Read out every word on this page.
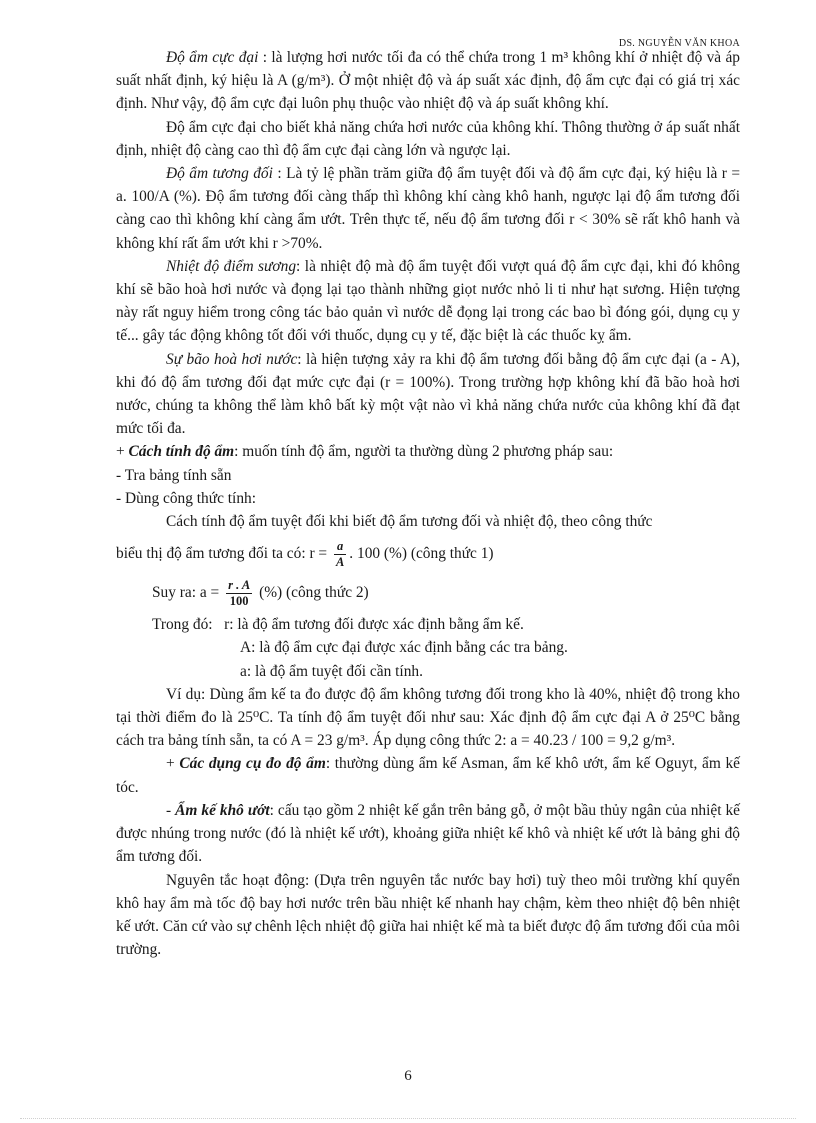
DS. NGUYỄN VĂN KHOA

Độ ẩm cực đại : là lượng hơi nước tối đa có thể chứa trong 1 m³ không khí ở nhiệt độ và áp suất nhất định, ký hiệu là A (g/m³). Ở một nhiệt độ và áp suất xác định, độ ẩm cực đại có giá trị xác định. Như vậy, độ ẩm cực đại luôn phụ thuộc vào nhiệt độ và áp suất không khí.

Độ ẩm cực đại cho biết khả năng chứa hơi nước của không khí. Thông thường ở áp suất nhất định, nhiệt độ càng cao thì độ ẩm cực đại càng lớn và ngược lại.

Độ ẩm tương đối : Là tỷ lệ phần trăm giữa độ ẩm tuyệt đối và độ ẩm cực đại, ký hiệu là r = a. 100/A (%). Độ ẩm tương đối càng thấp thì không khí càng khô hanh, ngược lại độ ẩm tương đối càng cao thì không khí càng ẩm ướt. Trên thực tế, nếu độ ẩm tương đối r < 30% sẽ rất khô hanh và không khí rất ẩm ướt khi r >70%.

Nhiệt độ điểm sương: là nhiệt độ mà độ ẩm tuyệt đối vượt quá độ ẩm cực đại, khi đó không khí sẽ bão hoà hơi nước và đọng lại tạo thành những giọt nước nhỏ li ti như hạt sương. Hiện tượng này rất nguy hiểm trong công tác bảo quản vì nước dễ đọng lại trong các bao bì đóng gói, dụng cụ y tế... gây tác động không tốt đối với thuốc, dụng cụ y tế, đặc biệt là các thuốc kỵ ẩm.

Sự bão hoà hơi nước: là hiện tượng xảy ra khi độ ẩm tương đối bằng độ ẩm cực đại (a - A), khi đó độ ẩm tương đối đạt mức cực đại (r = 100%). Trong trường hợp không khí đã bão hoà hơi nước, chúng ta không thể làm khô bất kỳ một vật nào vì khả năng chứa nước của không khí đã đạt mức tối đa.

+ Cách tính độ ẩm: muốn tính độ ẩm, người ta thường dùng 2 phương pháp sau:

- Tra bảng tính sẵn

- Dùng công thức tính:

Cách tính độ ẩm tuyệt đối khi biết độ ẩm tương đối và nhiệt độ, theo công thức

biểu thị độ ẩm tương đối ta có: $r = \frac{a}{A}$ . 100 (%) (công thức 1)

Suy ra: $a = \frac{r . A}{100}$ (%) (công thức 2)

Trong đó: r: là độ ẩm tương đối được xác định bằng ẩm kế.

A: là độ ẩm cực đại được xác định bằng các tra bảng.

a: là độ ẩm tuyệt đối cần tính.

Ví dụ: Dùng ẩm kế ta đo được độ ẩm không tương đối trong kho là 40%, nhiệt độ trong kho tại thời điểm đo là 25⁰C. Ta tính độ ẩm tuyệt đối như sau: Xác định độ ẩm cực đại A ở 25⁰C bằng cách tra bảng tính sẵn, ta có A = 23 g/m³. Áp dụng công thức 2: a = 40.23 / 100 = 9,2 g/m³.

+ Các dụng cụ đo độ ẩm: thường dùng ẩm kế Asman, ẩm kế khô ướt, ẩm kế Oguyt, ẩm kế tóc.

- Ẩm kế khô ướt: cấu tạo gồm 2 nhiệt kế gắn trên bảng gỗ, ở một bầu thủy ngân của nhiệt kế được nhúng trong nước (đó là nhiệt kế ướt), khoảng giữa nhiệt kế khô và nhiệt kế ướt là bảng ghi độ ẩm tương đối.

Nguyên tắc hoạt động: (Dựa trên nguyên tắc nước bay hơi) tuỳ theo môi trường khí quyển khô hay ẩm mà tốc độ bay hơi nước trên bầu nhiệt kế nhanh hay chậm, kèm theo nhiệt độ bên nhiệt kế ướt. Căn cứ vào sự chênh lệch nhiệt độ giữa hai nhiệt kế mà ta biết được độ ẩm tương đối của môi trường.

6
